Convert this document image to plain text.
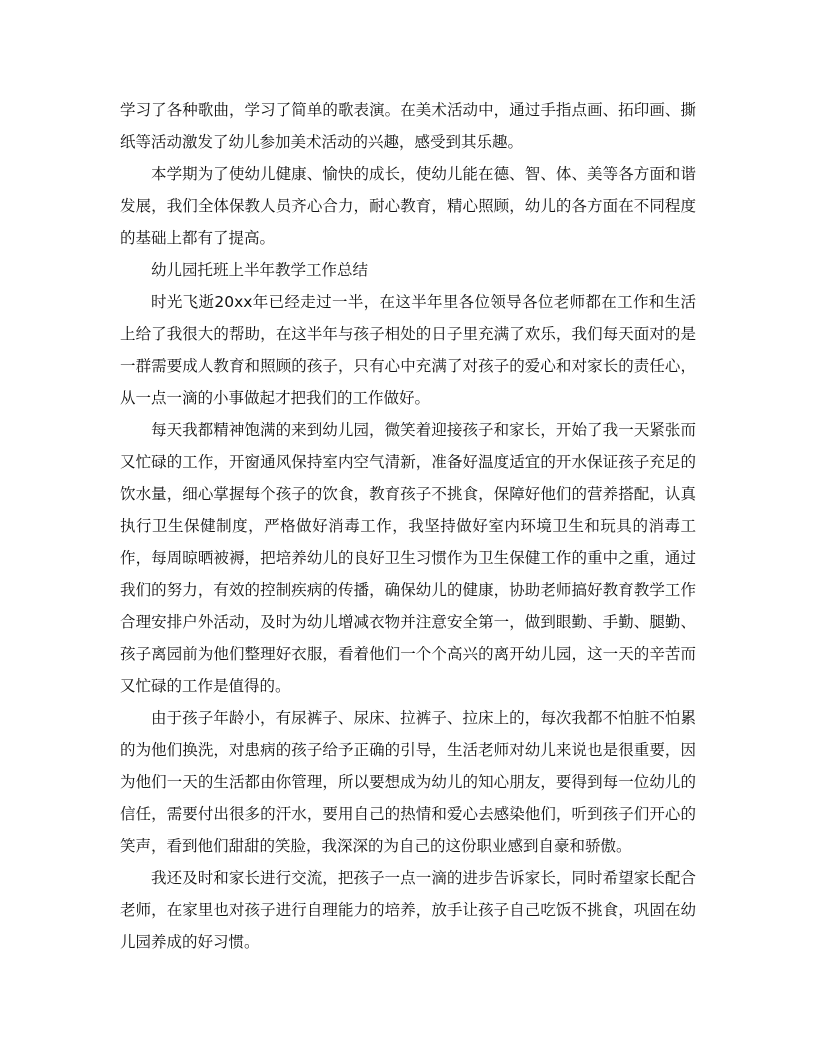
学习了各种歌曲，学习了简单的歌表演。在美术活动中，通过手指点画、拓印画、撕纸等活动激发了幼儿参加美术活动的兴趣，感受到其乐趣。

本学期为了使幼儿健康、愉快的成长，使幼儿能在德、智、体、美等各方面和谐发展，我们全体保教人员齐心合力，耐心教育，精心照顾，幼儿的各方面在不同程度的基础上都有了提高。

幼儿园托班上半年教学工作总结

时光飞逝20xx年已经走过一半，在这半年里各位领导各位老师都在工作和生活上给了我很大的帮助，在这半年与孩子相处的日子里充满了欢乐，我们每天面对的是一群需要成人教育和照顾的孩子，只有心中充满了对孩子的爱心和对家长的责任心，从一点一滴的小事做起才把我们的工作做好。

每天我都精神饱满的来到幼儿园，微笑着迎接孩子和家长，开始了我一天紧张而又忙碌的工作，开窗通风保持室内空气清新，准备好温度适宜的开水保证孩子充足的饮水量，细心掌握每个孩子的饮食，教育孩子不挑食，保障好他们的营养搭配，认真执行卫生保健制度，严格做好消毒工作，我坚持做好室内环境卫生和玩具的消毒工作，每周晾晒被褥，把培养幼儿的良好卫生习惯作为卫生保健工作的重中之重，通过我们的努力，有效的控制疾病的传播，确保幼儿的健康，协助老师搞好教育教学工作合理安排户外活动，及时为幼儿增减衣物并注意安全第一，做到眼勤、手勤、腿勤、孩子离园前为他们整理好衣服，看着他们一个个高兴的离开幼儿园，这一天的辛苦而又忙碌的工作是值得的。

由于孩子年龄小，有尿裤子、尿床、拉裤子、拉床上的，每次我都不怕脏不怕累的为他们换洗，对患病的孩子给予正确的引导，生活老师对幼儿来说也是很重要，因为他们一天的生活都由你管理，所以要想成为幼儿的知心朋友，要得到每一位幼儿的信任，需要付出很多的汗水，要用自己的热情和爱心去感染他们，听到孩子们开心的笑声，看到他们甜甜的笑脸，我深深的为自己的这份职业感到自豪和骄傲。

我还及时和家长进行交流，把孩子一点一滴的进步告诉家长，同时希望家长配合老师，在家里也对孩子进行自理能力的培养，放手让孩子自己吃饭不挑食，巩固在幼儿园养成的好习惯。
